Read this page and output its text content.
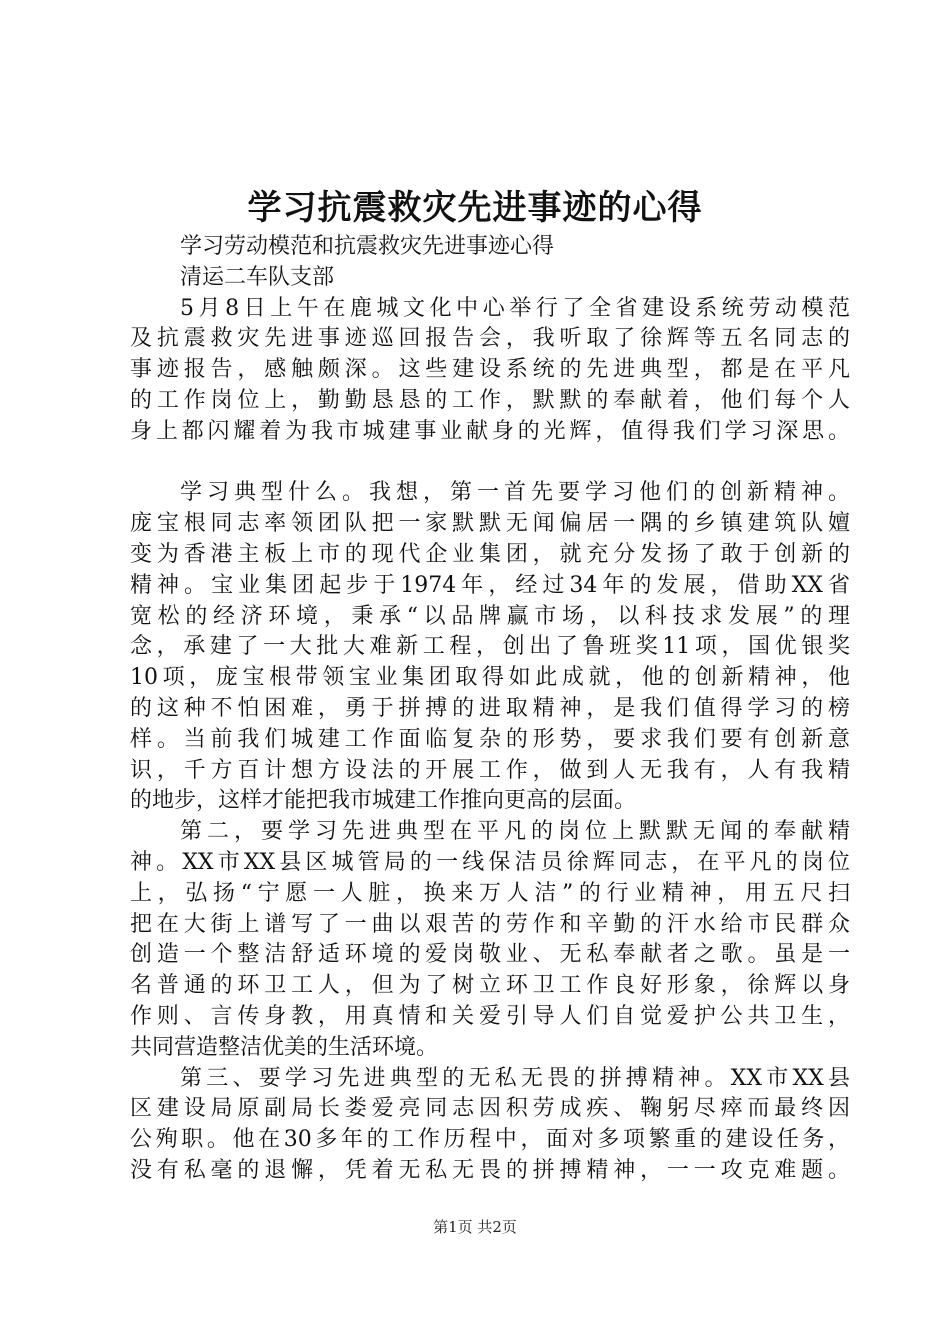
学习抗震救灾先进事迹的心得
学习劳动模范和抗震救灾先进事迹心得
清运二车队支部
5月8日上午在鹿城文化中心举行了全省建设系统劳动模范
及抗震救灾先进事迹巡回报告会，我听取了徐辉等五名同志的
事迹报告，感触颇深。这些建设系统的先进典型，都是在平凡
的工作岗位上，勤勤恳恳的工作，默默的奉献着，他们每个人
身上都闪耀着为我市城建事业献身的光辉，值得我们学习深思。
学习典型什么。我想，第一首先要学习他们的创新精神。
庞宝根同志率领团队把一家默默无闻偏居一隅的乡镇建筑队嬗
变为香港主板上市的现代企业集团，就充分发扬了敢于创新的
精神。宝业集团起步于1974年，经过34年的发展，借助XX省
宽松的经济环境，秉承“以品牌赢市场，以科技求发展”的理
念，承建了一大批大难新工程，创出了鲁班奖11项，国优银奖
10项，庞宝根带领宝业集团取得如此成就，他的创新精神，他
的这种不怕困难，勇于拼搏的进取精神，是我们值得学习的榜
样。当前我们城建工作面临复杂的形势，要求我们要有创新意
识，千方百计想方设法的开展工作，做到人无我有，人有我精
的地步，这样才能把我市城建工作推向更高的层面。
第二，要学习先进典型在平凡的岗位上默默无闻的奉献精
神。XX市XX县区城管局的一线保洁员徐辉同志，在平凡的岗位
上，弘扬“宁愿一人脏，换来万人洁”的行业精神，用五尺扫
把在大街上谱写了一曲以艰苦的劳作和辛勤的汗水给市民群众
创造一个整洁舒适环境的爱岗敬业、无私奉献者之歌。虽是一
名普通的环卫工人，但为了树立环卫工作良好形象，徐辉以身
作则、言传身教，用真情和关爱引导人们自觉爱护公共卫生，
共同营造整洁优美的生活环境。
第三、要学习先进典型的无私无畏的拼搏精神。XX市XX县
区建设局原副局长娄爱亮同志因积劳成疾、鞠躬尽瘁而最终因
公殉职。他在30多年的工作历程中，面对多项繁重的建设任务，
没有私毫的退懈，凭着无私无畏的拼搏精神，一一攻克难题。
第1页 共2页
